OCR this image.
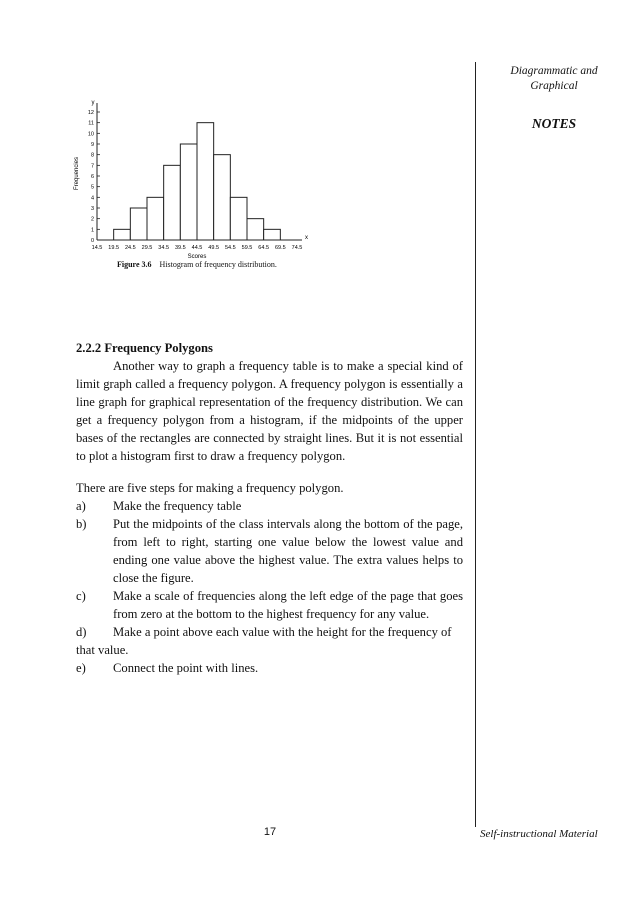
Diagrammatic and
Graphical
NOTES
0
1
2
3
4
5
6
7
8
9
10
11
12
14.5 19.5 24.5 29.5 34.5 39.5 44.5 49.5 54.5 59.5 64.5 69.5 74.5
y
x
Scores
Frequencies
Figure 3.6 Histogram of frequency distribution.
2.2.2 Frequency Polygons

Another way to graph a frequency table is to make a special kind of limit graph called a frequency polygon. A frequency polygon is essentially a line graph for graphical representation of the frequency distribution. We can get a frequency polygon from a histogram, if the midpoints of the upper bases of the rectangles are connected by straight lines. But it is not essential to plot a histogram first to draw a frequency polygon.

There are five steps for making a frequency polygon.
a)	Make the frequency table
b)	Put the midpoints of the class intervals along the bottom of the page, from left to right, starting one value below the lowest value and ending one value above the highest value. The extra values helps to close the figure.
c)	Make a scale of frequencies along the left edge of the page that goes from zero at the bottom to the highest frequency for any value.
d)	Make a point above each value with the height for the frequency of
that value.
e)	Connect the point with lines.
17	Self-instructional Material
